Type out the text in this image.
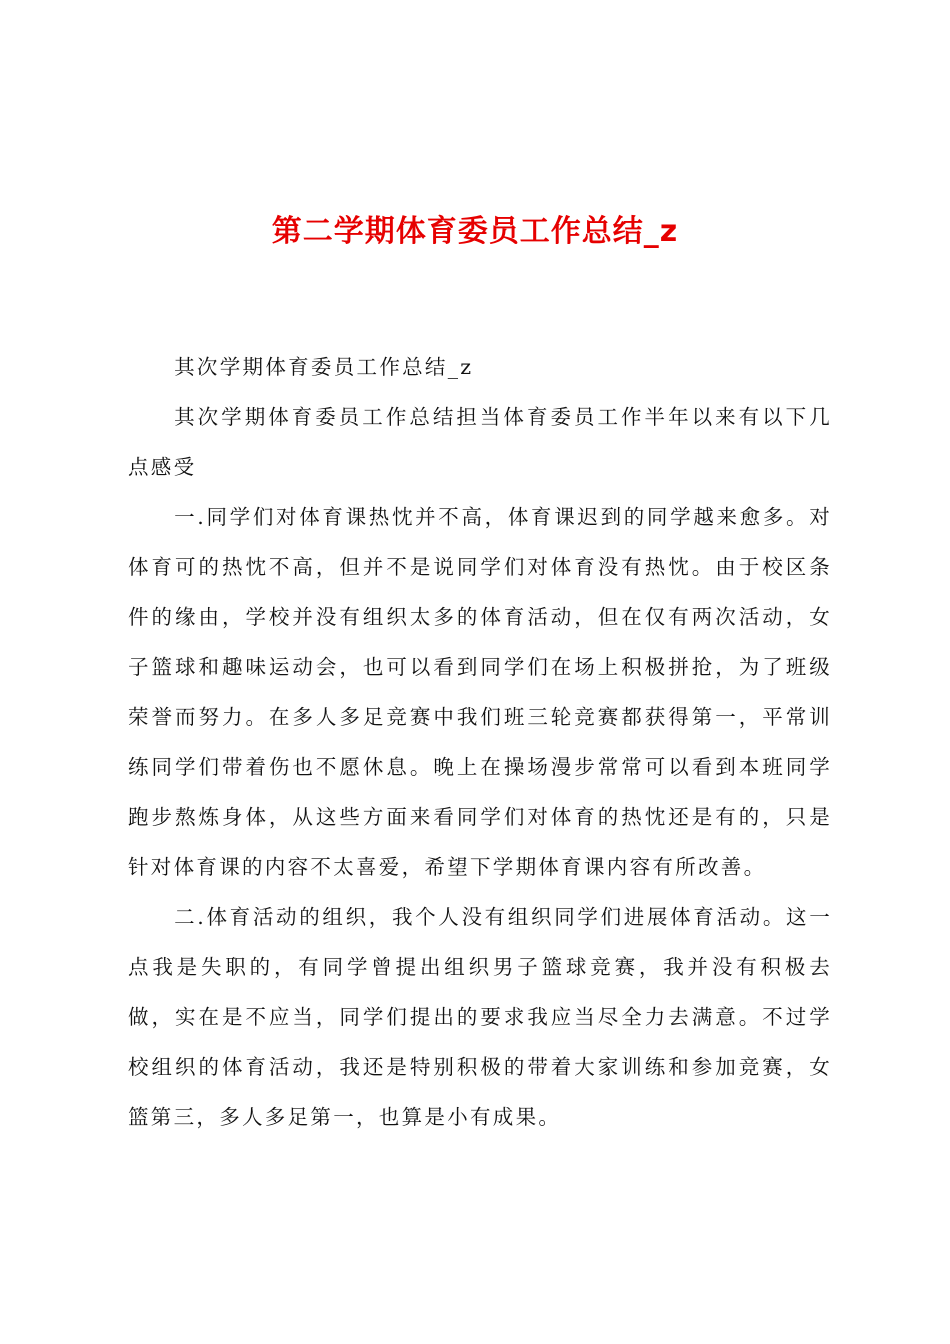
第二学期体育委员工作总结_z

其次学期体育委员工作总结_z

其次学期体育委员工作总结担当体育委员工作半年以来有以下几点感受

一.同学们对体育课热忱并不高，体育课迟到的同学越来愈多。对体育可的热忱不高，但并不是说同学们对体育没有热忱。由于校区条件的缘由，学校并没有组织太多的体育活动，但在仅有两次活动，女子篮球和趣味运动会，也可以看到同学们在场上积极拼抢，为了班级荣誉而努力。在多人多足竞赛中我们班三轮竞赛都获得第一，平常训练同学们带着伤也不愿休息。晚上在操场漫步常常可以看到本班同学跑步熬炼身体，从这些方面来看同学们对体育的热忱还是有的，只是针对体育课的内容不太喜爱，希望下学期体育课内容有所改善。

二.体育活动的组织，我个人没有组织同学们进展体育活动。这一点我是失职的，有同学曾提出组织男子篮球竞赛，我并没有积极去做，实在是不应当，同学们提出的要求我应当尽全力去满意。不过学校组织的体育活动，我还是特别积极的带着大家训练和参加竞赛，女篮第三，多人多足第一，也算是小有成果。
